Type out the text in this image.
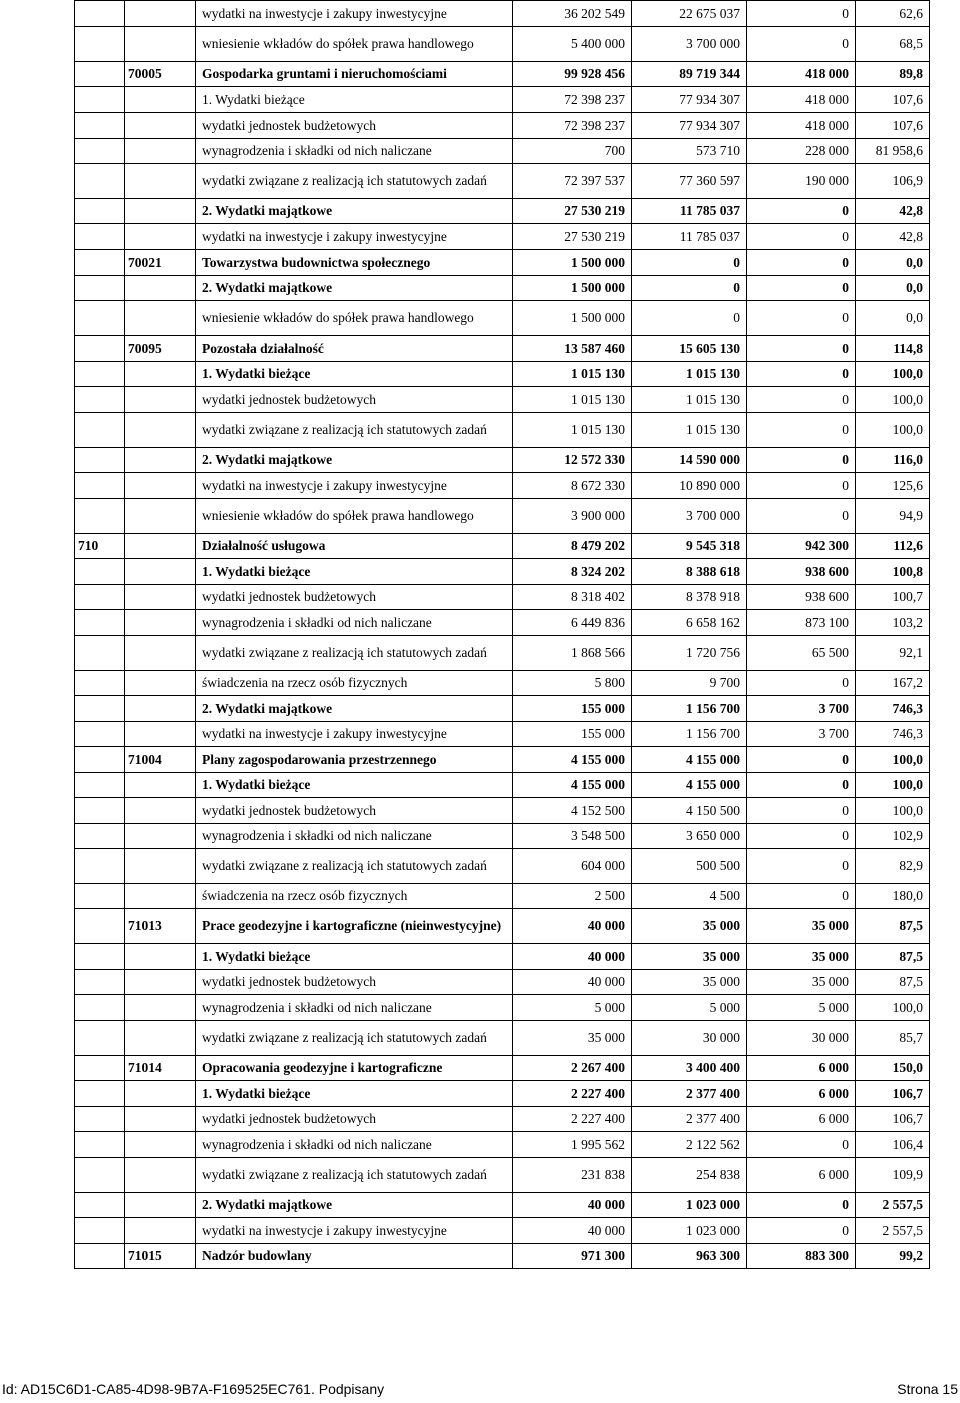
		wydatki na inwestycje i zakupy inwestycyjne	36 202 549	22 675 037	0	62,6
		wniesienie wkładów do spółek prawa handlowego	5 400 000	3 700 000	0	68,5
	70005	Gospodarka gruntami i nieruchomościami	99 928 456	89 719 344	418 000	89,8
		1. Wydatki bieżące	72 398 237	77 934 307	418 000	107,6
		wydatki jednostek budżetowych	72 398 237	77 934 307	418 000	107,6
		wynagrodzenia i składki od nich naliczane	700	573 710	228 000	81 958,6
		wydatki związane z realizacją ich statutowych zadań	72 397 537	77 360 597	190 000	106,9
		2. Wydatki majątkowe	27 530 219	11 785 037	0	42,8
		wydatki na inwestycje i zakupy inwestycyjne	27 530 219	11 785 037	0	42,8
	70021	Towarzystwa budownictwa społecznego	1 500 000	0	0	0,0
		2. Wydatki majątkowe	1 500 000	0	0	0,0
		wniesienie wkładów do spółek prawa handlowego	1 500 000	0	0	0,0
	70095	Pozostała działalność	13 587 460	15 605 130	0	114,8
		1. Wydatki bieżące	1 015 130	1 015 130	0	100,0
		wydatki jednostek budżetowych	1 015 130	1 015 130	0	100,0
		wydatki związane z realizacją ich statutowych zadań	1 015 130	1 015 130	0	100,0
		2. Wydatki majątkowe	12 572 330	14 590 000	0	116,0
		wydatki na inwestycje i zakupy inwestycyjne	8 672 330	10 890 000	0	125,6
		wniesienie wkładów do spółek prawa handlowego	3 900 000	3 700 000	0	94,9
710		Działalność usługowa	8 479 202	9 545 318	942 300	112,6
		1. Wydatki bieżące	8 324 202	8 388 618	938 600	100,8
		wydatki jednostek budżetowych	8 318 402	8 378 918	938 600	100,7
		wynagrodzenia i składki od nich naliczane	6 449 836	6 658 162	873 100	103,2
		wydatki związane z realizacją ich statutowych zadań	1 868 566	1 720 756	65 500	92,1
		świadczenia na rzecz osób fizycznych	5 800	9 700	0	167,2
		2. Wydatki majątkowe	155 000	1 156 700	3 700	746,3
		wydatki na inwestycje i zakupy inwestycyjne	155 000	1 156 700	3 700	746,3
	71004	Plany zagospodarowania przestrzennego	4 155 000	4 155 000	0	100,0
		1. Wydatki bieżące	4 155 000	4 155 000	0	100,0
		wydatki jednostek budżetowych	4 152 500	4 150 500	0	100,0
		wynagrodzenia i składki od nich naliczane	3 548 500	3 650 000	0	102,9
		wydatki związane z realizacją ich statutowych zadań	604 000	500 500	0	82,9
		świadczenia na rzecz osób fizycznych	2 500	4 500	0	180,0
	71013	Prace geodezyjne i kartograficzne (nieinwestycyjne)	40 000	35 000	35 000	87,5
		1. Wydatki bieżące	40 000	35 000	35 000	87,5
		wydatki jednostek budżetowych	40 000	35 000	35 000	87,5
		wynagrodzenia i składki od nich naliczane	5 000	5 000	5 000	100,0
		wydatki związane z realizacją ich statutowych zadań	35 000	30 000	30 000	85,7
	71014	Opracowania geodezyjne i kartograficzne	2 267 400	3 400 400	6 000	150,0
		1. Wydatki bieżące	2 227 400	2 377 400	6 000	106,7
		wydatki jednostek budżetowych	2 227 400	2 377 400	6 000	106,7
		wynagrodzenia i składki od nich naliczane	1 995 562	2 122 562	0	106,4
		wydatki związane z realizacją ich statutowych zadań	231 838	254 838	6 000	109,9
		2. Wydatki majątkowe	40 000	1 023 000	0	2 557,5
		wydatki na inwestycje i zakupy inwestycyjne	40 000	1 023 000	0	2 557,5
	71015	Nadzór budowlany	971 300	963 300	883 300	99,2
Id: AD15C6D1-CA85-4D98-9B7A-F169525EC761. Podpisany	Strona 15
